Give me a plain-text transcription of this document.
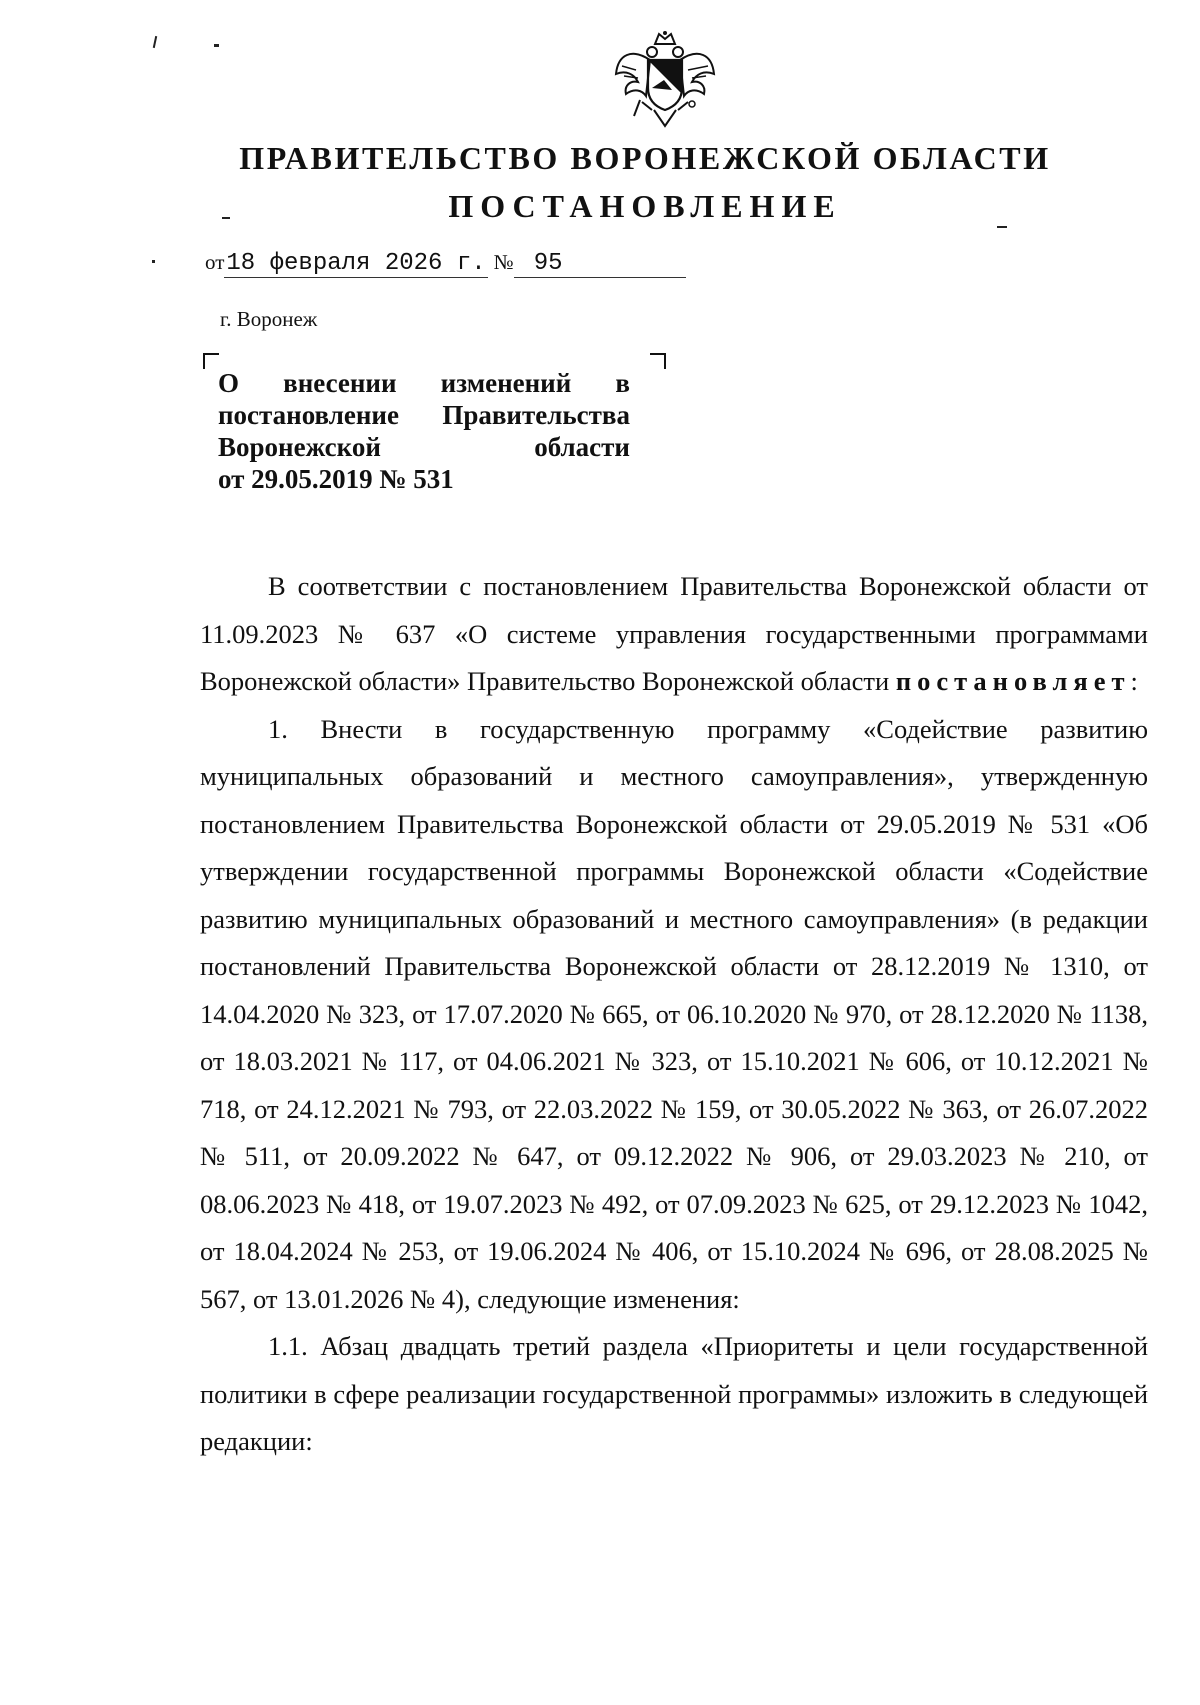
ПРАВИТЕЛЬСТВО ВОРОНЕЖСКОЙ ОБЛАСТИ
ПОСТАНОВЛЕНИЕ
от18 февраля 2026 г. № 95
г. Воронеж
О внесении изменений в
постановление Правительства
Воронежской области
от 29.05.2019 № 531

В соответствии с постановлением Правительства Воронежской области от 11.09.2023 № 637 «О системе управления государственными программами Воронежской области» Правительство Воронежской области постановляет:

1. Внести в государственную программу «Содействие развитию муниципальных образований и местного самоуправления», утвержденную постановлением Правительства Воронежской области от 29.05.2019 № 531 «Об утверждении государственной программы Воронежской области «Содействие развитию муниципальных образований и местного самоуправления» (в редакции постановлений Правительства Воронежской области от 28.12.2019 № 1310, от 14.04.2020 № 323, от 17.07.2020 № 665, от 06.10.2020 № 970, от 28.12.2020 № 1138, от 18.03.2021 № 117, от 04.06.2021 № 323, от 15.10.2021 № 606, от 10.12.2021 № 718, от 24.12.2021 № 793, от 22.03.2022 № 159, от 30.05.2022 № 363, от 26.07.2022 № 511, от 20.09.2022 № 647, от 09.12.2022 № 906, от 29.03.2023 № 210, от 08.06.2023 № 418, от 19.07.2023 № 492, от 07.09.2023 № 625, от 29.12.2023 № 1042, от 18.04.2024 № 253, от 19.06.2024 № 406, от 15.10.2024 № 696, от 28.08.2025 № 567, от 13.01.2026 № 4), следующие изменения:

1.1. Абзац двадцать третий раздела «Приоритеты и цели государственной политики в сфере реализации государственной программы» изложить в следующей редакции:
